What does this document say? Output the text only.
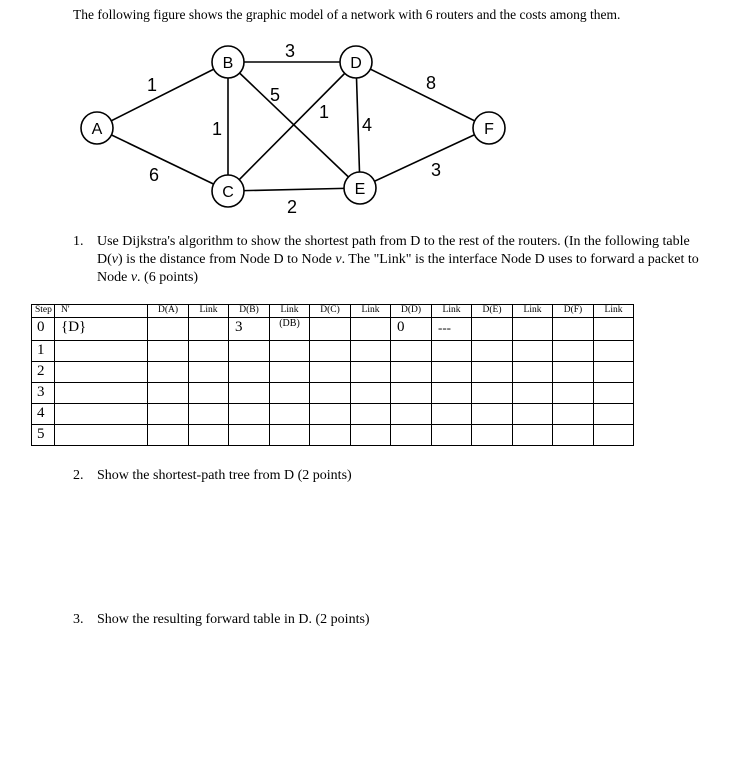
The following figure shows the graphic model of a network with 6 routers and the costs among them.
1
6
1
3
5
1
2
4
8
3
A
B
C
D
E
F
1. Use Dijkstra's algorithm to show the shortest path from D to the rest of the routers. (In the following table D(v) is the distance from Node D to Node v. The "Link" is the interface Node D uses to forward a packet to Node v. (6 points)
Step	N'	D(A)	Link	D(B)	Link	D(C)	Link	D(D)	Link	D(E)	Link	D(F)	Link
0	{D}			3	(DB)			0	---				
1													
2													
3													
4													
5													
2. Show the shortest-path tree from D (2 points)
3. Show the resulting forward table in D. (2 points)
